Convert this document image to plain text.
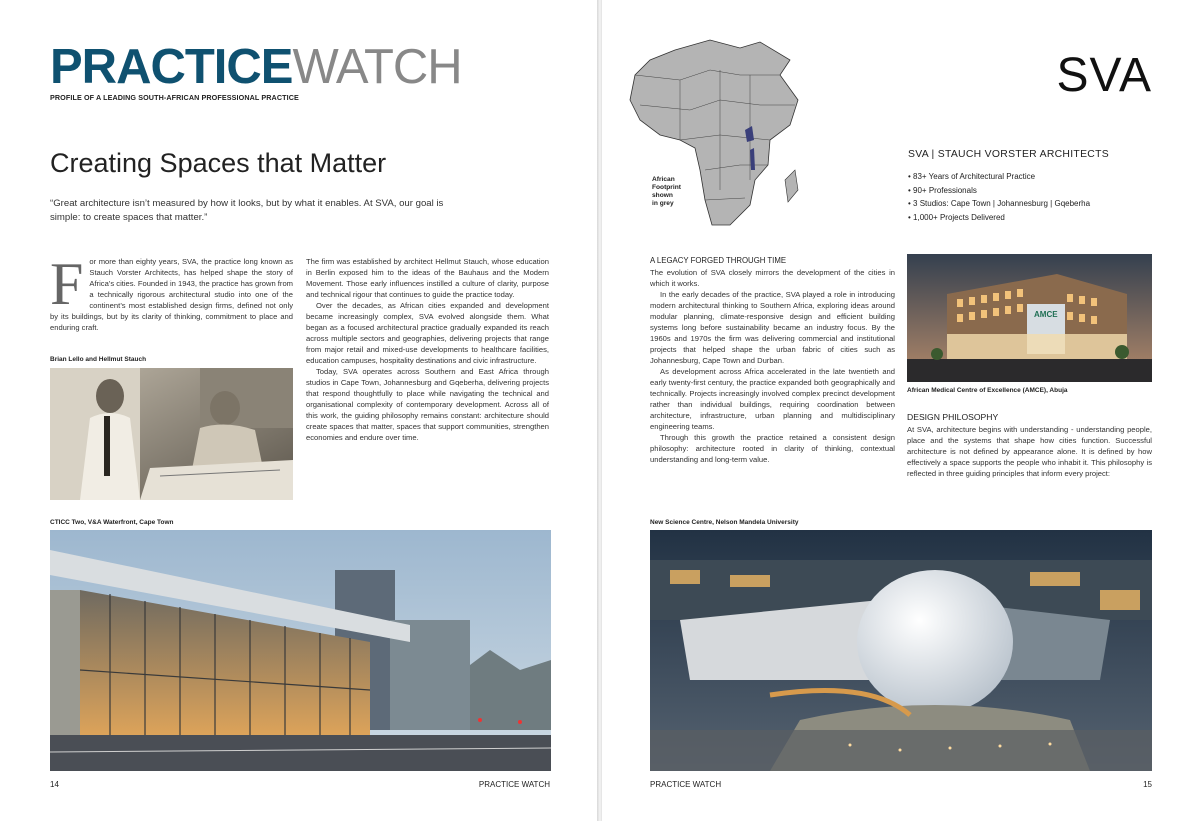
PRACTICEWATCH
PROFILE OF A LEADING SOUTH-AFRICAN PROFESSIONAL PRACTICE
Creating Spaces that Matter
“Great architecture isn’t measured by how it looks, but by what it enables. At SVA, our goal is simple: to create spaces that matter.”
F or more than eighty years, SVA, the practice long known as Stauch Vorster Architects, has helped shape the story of Africa’s cities. Founded in 1943, the practice has grown from a technically rigorous architectural studio into one of the continent’s most established design firms, defined not only by its buildings, but by its clarity of thinking, commitment to place and enduring craft.

Brian Lello and Hellmut Stauch

The firm was established by architect Hellmut Stauch, whose education in Berlin exposed him to the ideas of the Bauhaus and the Modern Movement. Those early influences instilled a culture of clarity, purpose and technical rigour that continues to guide the practice today.

Over the decades, as African cities expanded and development became increasingly complex, SVA evolved alongside them. What began as a focused architectural practice gradually expanded its reach across multiple sectors and geographies, delivering projects that range from major retail and mixed-use developments to healthcare facilities, education campuses, hospitality destinations and civic infrastructure.

Today, SVA operates across Southern and East Africa through studios in Cape Town, Johannesburg and Gqeberha, delivering projects that respond thoughtfully to place while navigating the technical and organisational complexity of contemporary development. Across all of this work, the guiding philosophy remains constant: architecture should create spaces that matter, spaces that support communities, strengthen economies and endure over time.

CTICC Two, V&A Waterfront, Cape Town
14	PRACTICE WATCH
African
Footprint
shown
in grey
SVA
SVA | STAUCH VORSTER ARCHITECTS
• 83+ Years of Architectural Practice
• 90+ Professionals
• 3 Studios: Cape Town | Johannesburg | Gqeberha
• 1,000+ Projects Delivered
A LEGACY FORGED THROUGH TIME

The evolution of SVA closely mirrors the development of the cities in which it works.

In the early decades of the practice, SVA played a role in introducing modern architectural thinking to Southern Africa, exploring ideas around modular planning, climate-responsive design and efficient building systems long before sustainability became an industry focus. By the 1960s and 1970s the firm was delivering commercial and institutional projects that helped shape the urban fabric of cities such as Johannesburg, Cape Town and Durban.

As development across Africa accelerated in the late twentieth and early twenty-first century, the practice expanded both geographically and technically. Projects increasingly involved complex precinct development rather than individual buildings, requiring coordination between architecture, infrastructure, urban planning and multidisciplinary engineering teams.

Through this growth the practice retained a consistent design philosophy: architecture rooted in clarity of thinking, contextual understanding and long-term value.

AMCE
African Medical Centre of Excellence (AMCE), Abuja
DESIGN PHILOSOPHY

At SVA, architecture begins with understanding - understanding people, place and the systems that shape how cities function. Successful architecture is not defined by appearance alone. It is defined by how effectively a space supports the people who inhabit it. This philosophy is reflected in three guiding principles that inform every project:

New Science Centre, Nelson Mandela University
PRACTICE WATCH	15
